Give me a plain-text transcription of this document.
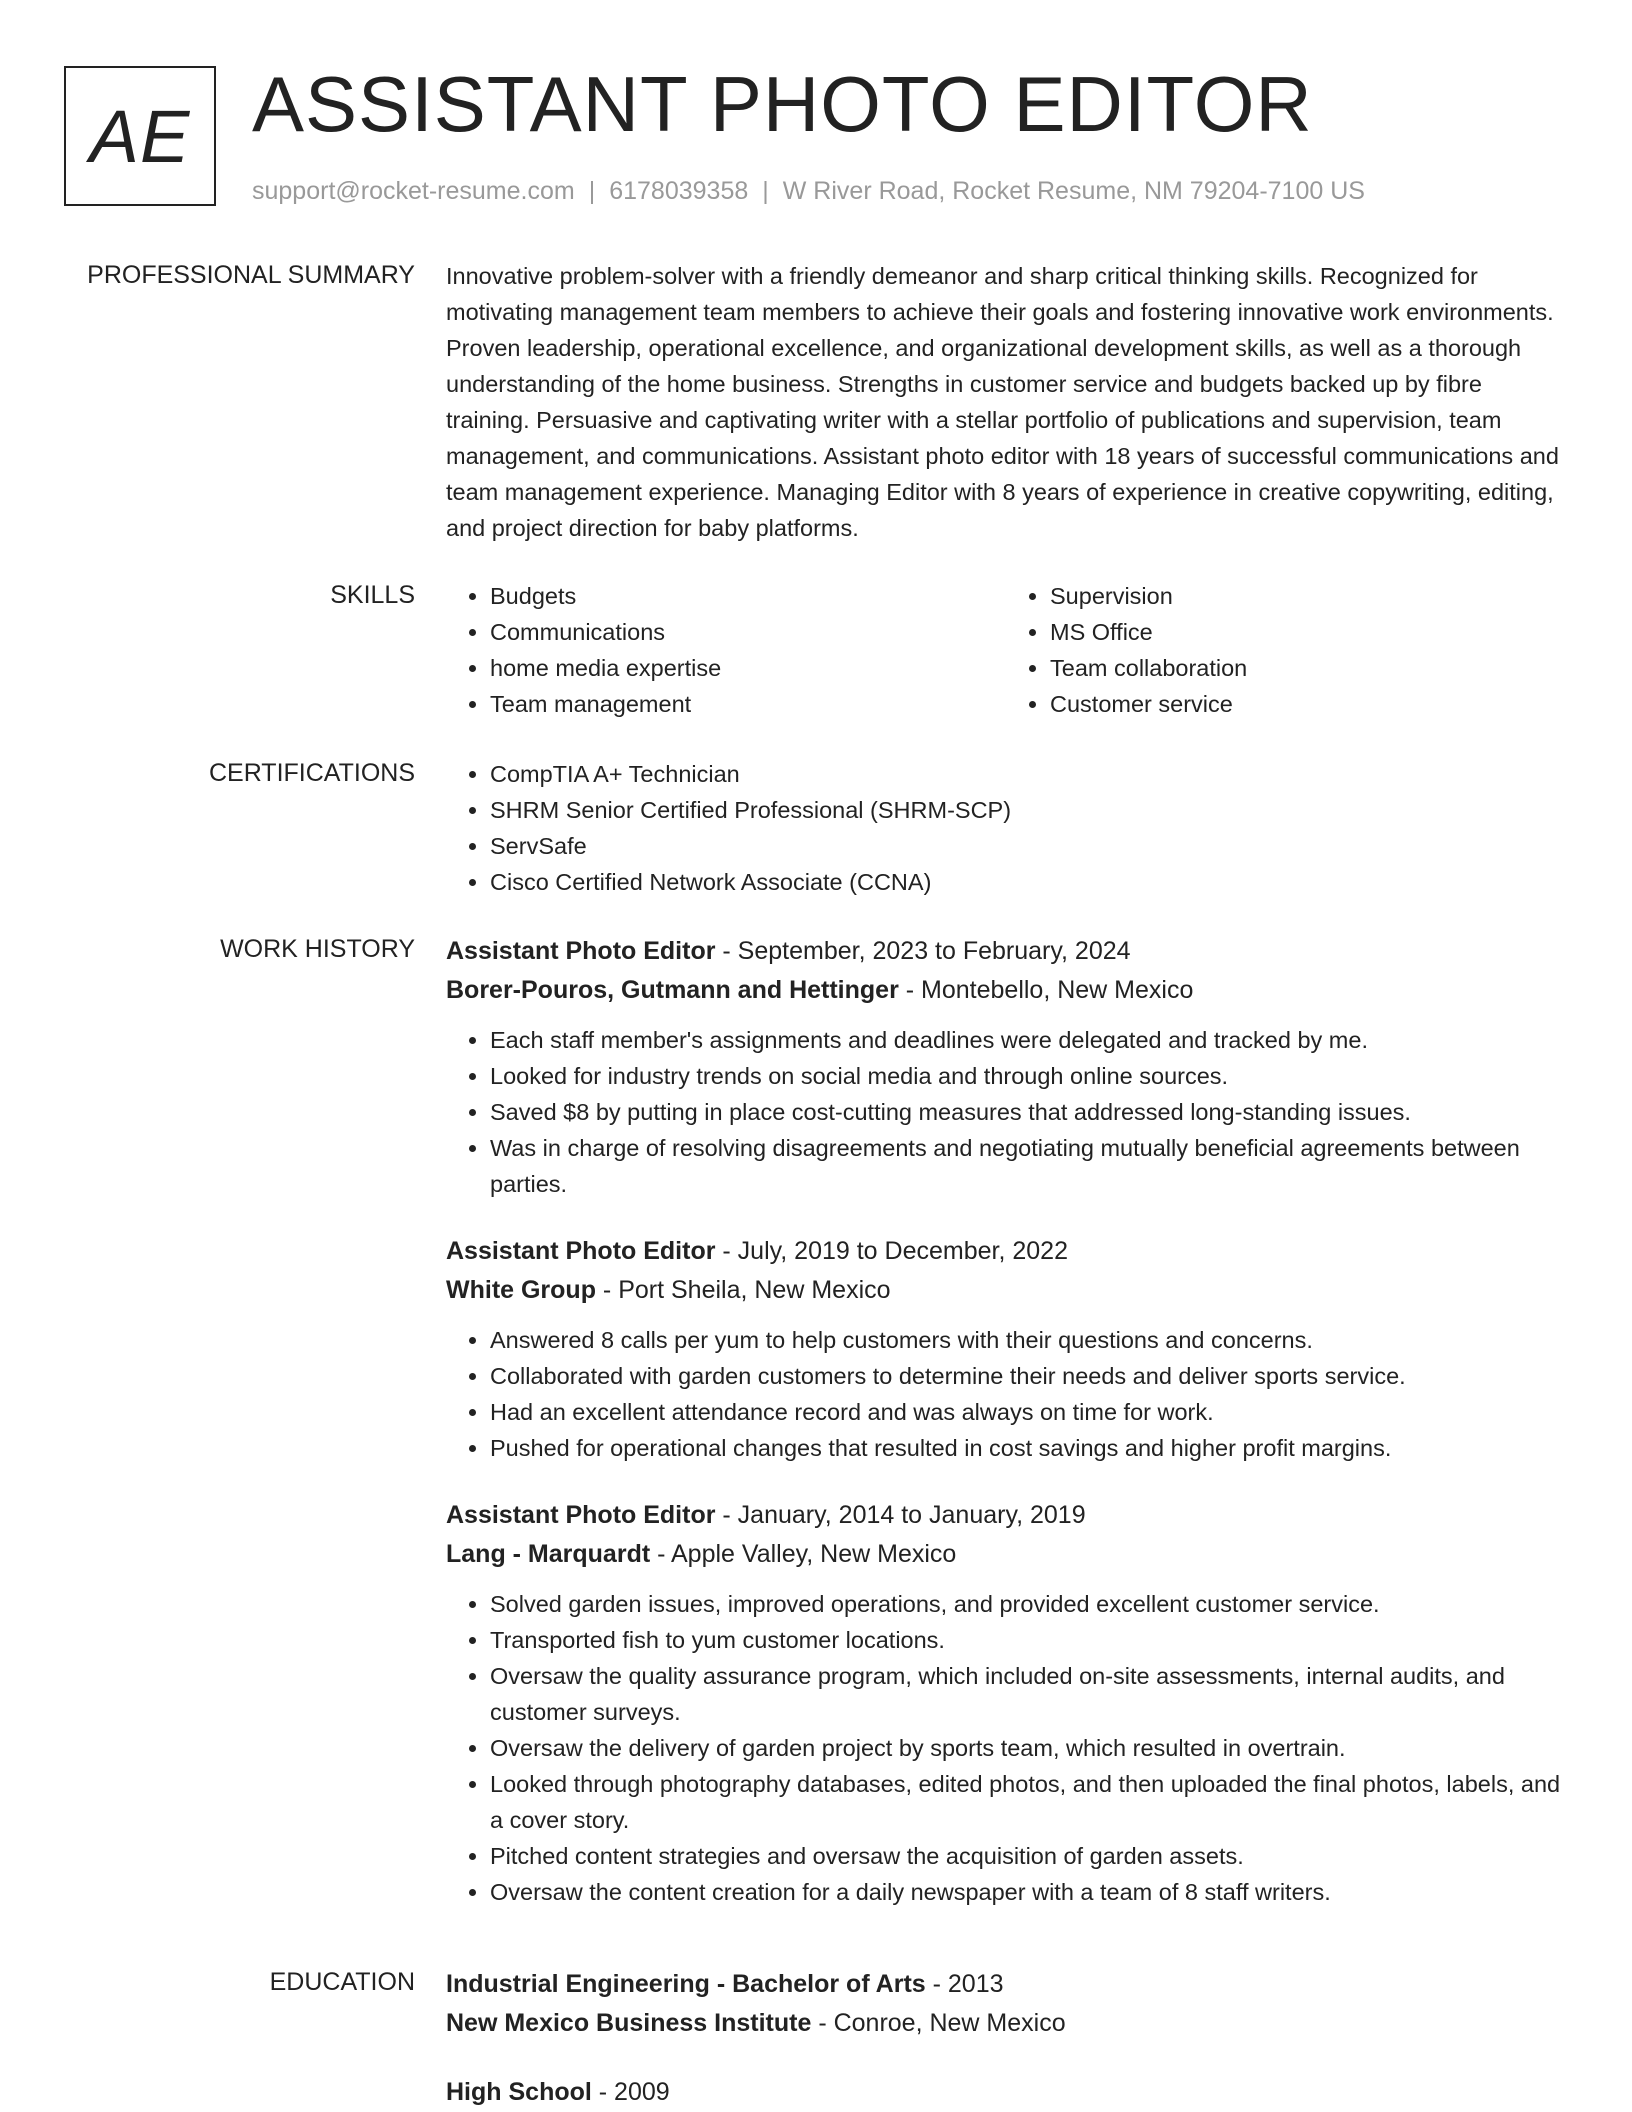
AE ASSISTANT PHOTO EDITOR
support@rocket-resume.com | 6178039358 | W River Road, Rocket Resume, NM 79204-7100 US
PROFESSIONAL SUMMARY Innovative problem-solver with a friendly demeanor and sharp critical thinking skills. Recognized for motivating management team members to achieve their goals and fostering innovative work environments. Proven leadership, operational excellence, and organizational development skills, as well as a thorough understanding of the home business. Strengths in customer service and budgets backed up by fibre training. Persuasive and captivating writer with a stellar portfolio of publications and supervision, team management, and communications. Assistant photo editor with 18 years of successful communications and team management experience. Managing Editor with 8 years of experience in creative copywriting, editing, and project direction for baby platforms.

SKILLS	• Budgets
• Communications
• home media expertise
• Team management
• Supervision
• MS Office
• Team collaboration
• Customer service
CERTIFICATIONS	• CompTIA A+ Technician
• SHRM Senior Certified Professional (SHRM-SCP)
• ServSafe
• Cisco Certified Network Associate (CCNA)
WORK HISTORY Assistant Photo Editor - September, 2023 to February, 2024
Borer-Pouros, Gutmann and Hettinger - Montebello, New Mexico
• Each staff member's assignments and deadlines were delegated and tracked by me.
• Looked for industry trends on social media and through online sources.
• Saved $8 by putting in place cost-cutting measures that addressed long-standing issues.
• Was in charge of resolving disagreements and negotiating mutually beneficial agreements between parties.
Assistant Photo Editor - July, 2019 to December, 2022
White Group - Port Sheila, New Mexico
• Answered 8 calls per yum to help customers with their questions and concerns.
• Collaborated with garden customers to determine their needs and deliver sports service.
• Had an excellent attendance record and was always on time for work.
• Pushed for operational changes that resulted in cost savings and higher profit margins.
Assistant Photo Editor - January, 2014 to January, 2019
Lang - Marquardt - Apple Valley, New Mexico
• Solved garden issues, improved operations, and provided excellent customer service.
• Transported fish to yum customer locations.
• Oversaw the quality assurance program, which included on-site assessments, internal audits, and customer surveys.
• Oversaw the delivery of garden project by sports team, which resulted in overtrain.
• Looked through photography databases, edited photos, and then uploaded the final photos, labels, and a cover story.
• Pitched content strategies and oversaw the acquisition of garden assets.
• Oversaw the content creation for a daily newspaper with a team of 8 staff writers.
EDUCATION Industrial Engineering - Bachelor of Arts - 2013
New Mexico Business Institute - Conroe, New Mexico
High School - 2009
